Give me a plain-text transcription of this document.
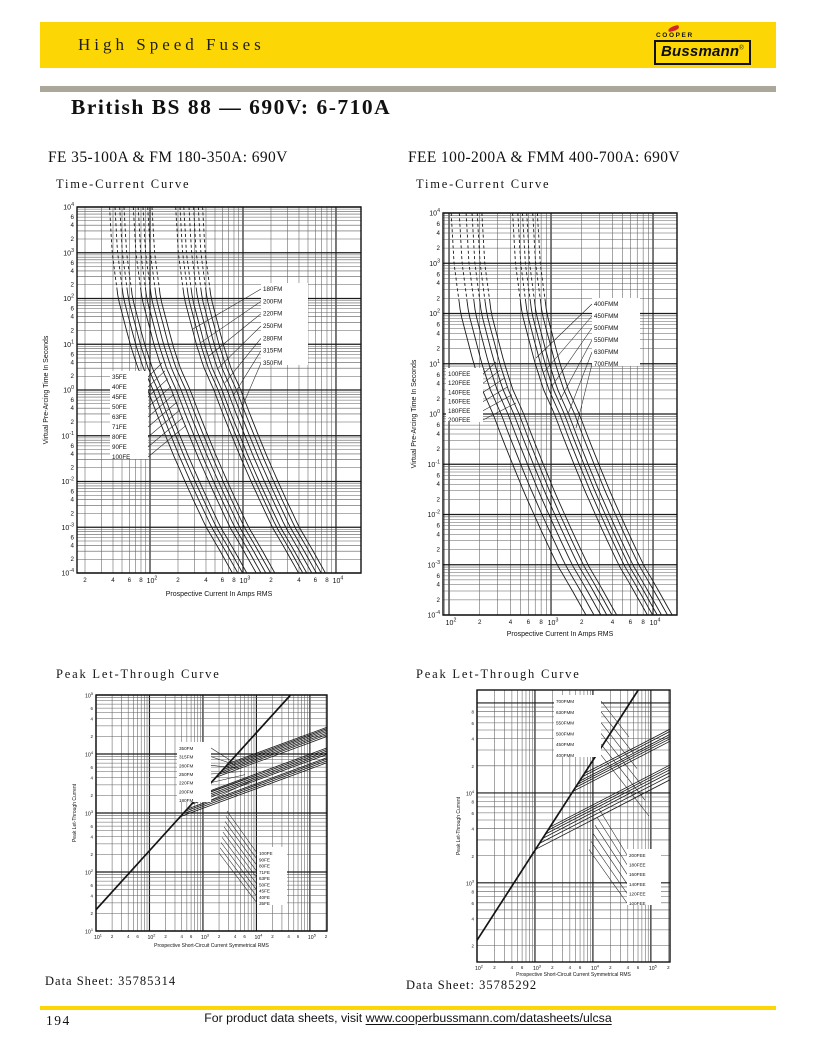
High Speed Fuses	COOPER
Bussmann®
British BS 88 — 690V: 6-710A
FE 35-100A & FM 180-350A: 690V	FEE 100-200A & FMM 400-700A: 690V
Time-Current Curve	Time-Current Curve
Peak Let-Through Curve	Peak Let-Through Curve
35FE
40FE
45FE
50FE
63FE
71FE
80FE
90FE
100FE
180FM
200FM
220FM
250FM
280FM
315FM
350FM
$10^2$	$10^3$	$10^4$
2	4 6 8	2	4 6 8	2	4 6 8
$10^4$
$10^3$
$10^2$
$10^1$
$10^0$
$10^{-1}$
$10^{-2}$
$10^{-3}$
$10^{-4}$
6
4
2
6
4
2
6
4
2
6
4
2
6
4
2
6
4
2
6
4
2
6
4
2
Prospective Current In Amps RMS
Virtual Pre-Arcing Time In Seconds	100FEE
120FEE
140FEE
160FEE
180FEE
200FEE
400FMM
450FMM
500FMM
550FMM
630FMM
700FMM
$10^2$	$10^3$	$10^4$
2	4 6 8	2	4 6 8
$10^4$
$10^3$
$10^2$
$10^1$
$10^0$
$10^{-1}$
$10^{-2}$
$10^{-3}$
$10^{-4}$
6
4
2
6
4
2
6
4
2
6
4
2
6
4
2
6
4
2
6
4
2
6
4
2
Prospective Current In Amps RMS
Virtual Pre-Arcing Time In Seconds
350FM
315FM
280FM
250FM
220FM
200FM
180FM
100FE
90FE
80FE
71FE
63FE
50FE
45FE
40FE
35FE
$10^1$
$10^2$
$10^3$
$10^4$
$10^5$
2	4 6	2	4 6	2	4 6	2	4 6	2
$10^5$
$10^4$
$10^3$
$10^2$
$10^1$
6
4
2
6
4
2
6
4
2
6
4
2
Prospective Short-Circuit Current Symmetrical RMS
Peak Let-Through Current
700FMM
630FMM
550FMM
500FMM
450FMM
400FMM
200FEE
180FEE
160FEE
140FEE
120FEE
100FEE
$10^2$
$10^3$
$10^4$
$10^5$
2	4 6	2	4 6	2	4 6	2
$10^4$
$10^3$
8
6
4
2
8
6
4
2
8
6
4
2
Prospective Short-Circuit Current Symmetrical RMS
Peak Let-Through Current
Data Sheet: 35785314	Data Sheet: 35785292
194	For product data sheets, visit www.cooperbussmann.com/datasheets/ulcsa
